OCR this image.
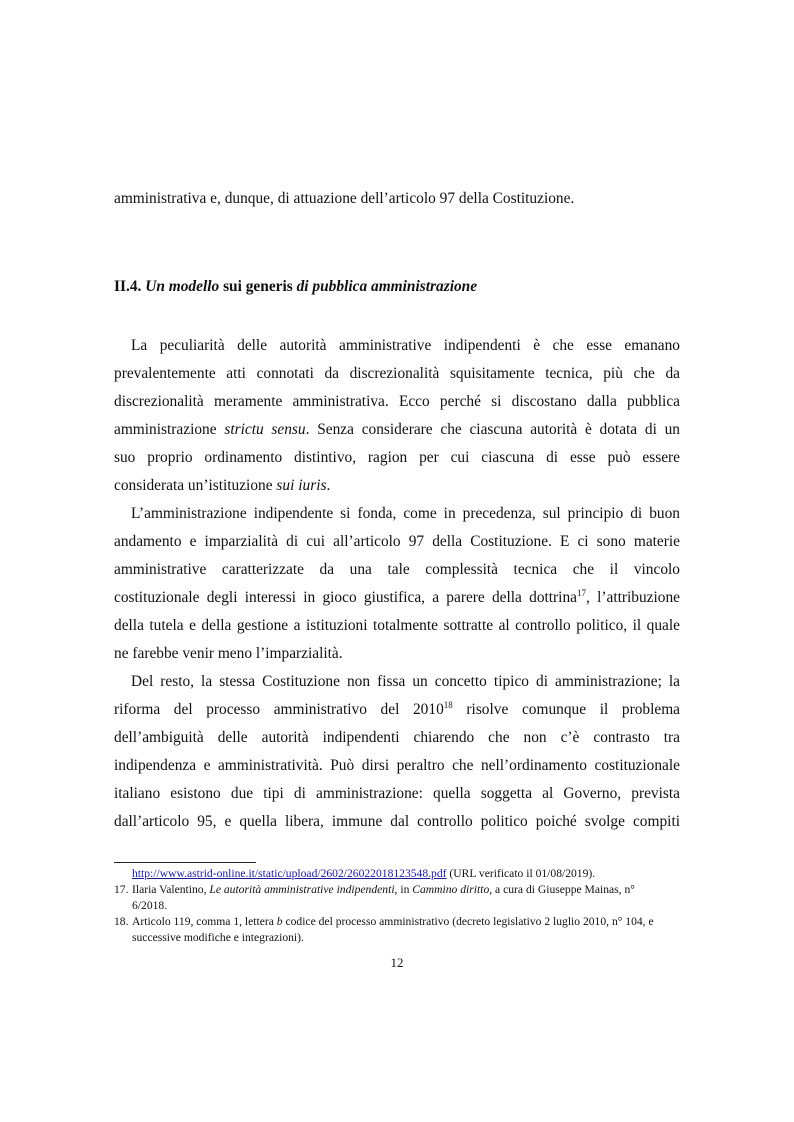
amministrativa e, dunque, di attuazione dell’articolo 97 della Costituzione.
II.4. Un modello sui generis di pubblica amministrazione
La peculiarità delle autorità amministrative indipendenti è che esse emanano
prevalentemente atti connotati da discrezionalità squisitamente tecnica, più che da
discrezionalità meramente amministrativa. Ecco perché si discostano dalla pubblica
amministrazione strictu sensu. Senza considerare che ciascuna autorità è dotata di un
suo proprio ordinamento distintivo, ragion per cui ciascuna di esse può essere
considerata un’istituzione sui iuris.
L’amministrazione indipendente si fonda, come in precedenza, sul principio di buon
andamento e imparzialità di cui all’articolo 97 della Costituzione. E ci sono materie
amministrative caratterizzate da una tale complessità tecnica che il vincolo
costituzionale degli interessi in gioco giustifica, a parere della dottrina$^{17}$, l’attribuzione
della tutela e della gestione a istituzioni totalmente sottratte al controllo politico, il quale
ne farebbe venir meno l’imparzialità.
Del resto, la stessa Costituzione non fissa un concetto tipico di amministrazione; la
riforma del processo amministrativo del 2010$^{18}$ risolve comunque il problema
dell’ambiguità delle autorità indipendenti chiarendo che non c’è contrasto tra
indipendenza e amministratività. Può dirsi peraltro che nell’ordinamento costituzionale
italiano esistono due tipi di amministrazione: quella soggetta al Governo, prevista
dall’articolo 95, e quella libera, immune dal controllo politico poiché svolge compiti
http://www.astrid-online.it/static/upload/2602/26022018123548.pdf (URL verificato il 01/08/2019).
17. Ilaria Valentino, Le autorità amministrative indipendenti, in Cammino diritto, a cura di Giuseppe Mainas, n°
6/2018.
18. Articolo 119, comma 1, lettera b codice del processo amministrativo (decreto legislativo 2 luglio 2010, n° 104, e
successive modifiche e integrazioni).
12
